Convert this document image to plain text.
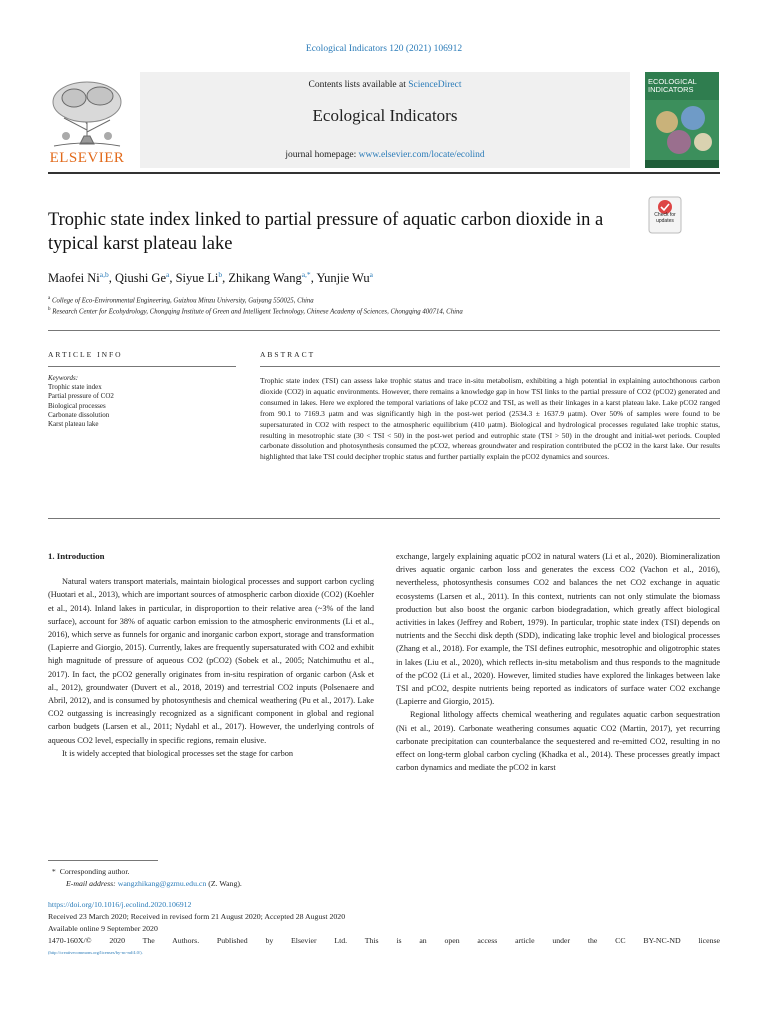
Ecological Indicators 120 (2021) 106912
ELSEVIER
Contents lists available at ScienceDirect
Ecological Indicators
journal homepage: www.elsevier.com/locate/ecolind
ECOLOGICAL INDICATORS
Trophic state index linked to partial pressure of aquatic carbon dioxide in a typical karst plateau lake
Check for updates
Maofei Ni$^{a,b}$, Qiushi Ge$^a$, Siyue Li$^b$, Zhikang Wang$^{a,*}$, Yunjie Wu$^a$
$^a$ College of Eco-Environmental Engineering, Guizhou Minzu University, Guiyang 550025, China
$^b$ Research Center for Ecohydrology, Chongqing Institute of Green and Intelligent Technology, Chinese Academy of Sciences, Chongqing 400714, China
ARTICLE INFO	ABSTRACT
Keywords:
Trophic state index
Partial pressure of CO2
Biological processes
Carbonate dissolution
Karst plateau lake
Trophic state index (TSI) can assess lake trophic status and trace in-situ metabolism, exhibiting a high potential in explaining autochthonous carbon dioxide (CO2) in aquatic environments. However, there remains a knowledge gap in how TSI links to the partial pressure of CO2 (pCO2) generated and consumed in lakes. Here we explored the temporal variations of lake pCO2 and TSI, as well as their linkages in a karst plateau lake. Lake pCO2 ranged from 90.1 to 7169.3 μatm and was significantly high in the post-wet period (2534.3 ± 1637.9 μatm). Over 50% of samples were found to be supersaturated in CO2 with respect to the atmospheric equilibrium (410 μatm). Biological and hydrological processes regulated lake trophic status, resulting in mesotrophic state (30 < TSI < 50) in the post-wet period and eutrophic state (TSI > 50) in the drought and initial-wet periods. Coupled carbonate dissolution and photosynthesis consumed the pCO2, whereas groundwater and respiration contributed the pCO2 in the karst lake. Our results highlighted that lake TSI could decipher trophic status and further partially explain the pCO2 dynamics and sources.
1. Introduction

Natural waters transport materials, maintain biological processes and support carbon cycling (Huotari et al., 2013), which are important sources of atmospheric carbon dioxide (CO2) (Koehler et al., 2014). Inland lakes in particular, in disproportion to their relative area (~3% of the land surface), account for 38% of aquatic carbon emission to the atmospheric environments (Li et al., 2016), which serve as funnels for organic and inorganic carbon export, storage and transformation (Lapierre and Giorgio, 2015). Currently, lakes are frequently supersaturated with CO2 and exhibit high magnitude of pressure of aqueous CO2 (pCO2) (Sobek et al., 2005; Natchimuthu et al., 2017). In fact, the pCO2 generally originates from in-situ respiration of organic carbon (Ask et al., 2012), groundwater (Duvert et al., 2018, 2019) and terrestrial CO2 inputs (Polsenaere and Abril, 2012), and is consumed by photosynthesis and chemical weathering (Pu et al., 2017). Lake CO2 outgassing is increasingly recognized as a significant component in global and regional carbon budgets (Larsen et al., 2011; Nydahl et al., 2017). However, the underlying controls of aqueous CO2 level, especially in specific regions, remain elusive.

It is widely accepted that biological processes set the stage for carbon

exchange, largely explaining aquatic pCO2 in natural waters (Li et al., 2020). Biomineralization drives aquatic organic carbon loss and generates the excess CO2 (Vachon et al., 2016), nevertheless, photosynthesis consumes CO2 and balances the net CO2 exchange in aquatic ecosystems (Larsen et al., 2011). In this context, nutrients can not only stimulate the biomass production but also boost the organic carbon biodegradation, which greatly affect biological activities in lakes (Jeffrey and Robert, 1979). In particular, trophic state index (TSI) depends on nutrients and the Secchi disk depth (SDD), indicating lake trophic level and biological processes (Zhang et al., 2018). For example, the TSI defines eutrophic, mesotrophic and oligotrophic states in lakes (Liu et al., 2020), which reflects in-situ metabolism and thus responds to the magnitude of the pCO2 (Li et al., 2020). However, limited studies have explored the linkages between lake TSI and pCO2, despite nutrients being reported as indicators of surface water CO2 exchange (Lapierre and Giorgio, 2015).

Regional lithology affects chemical weathering and regulates aquatic carbon sequestration (Ni et al., 2019). Carbonate weathering consumes aquatic CO2 (Martin, 2017), yet recurring carbonate precipitation can counterbalance the sequestered and re-emitted CO2, resulting in no effect on long-term global carbon cycling (Khadka et al., 2014). These processes greatly impact carbon dynamics and mediate the pCO2 in karst

*  Corresponding author.

E-mail address: wangzhikang@gzmu.edu.cn (Z. Wang).

https://doi.org/10.1016/j.ecolind.2020.106912
Received 23 March 2020; Received in revised form 21 August 2020; Accepted 28 August 2020
Available online 9 September 2020
1470-160X/© 2020 The Authors. Published by Elsevier Ltd. This is an open access article under the CC BY-NC-ND license
(http://creativecommons.org/licenses/by-nc-nd/4.0/).
